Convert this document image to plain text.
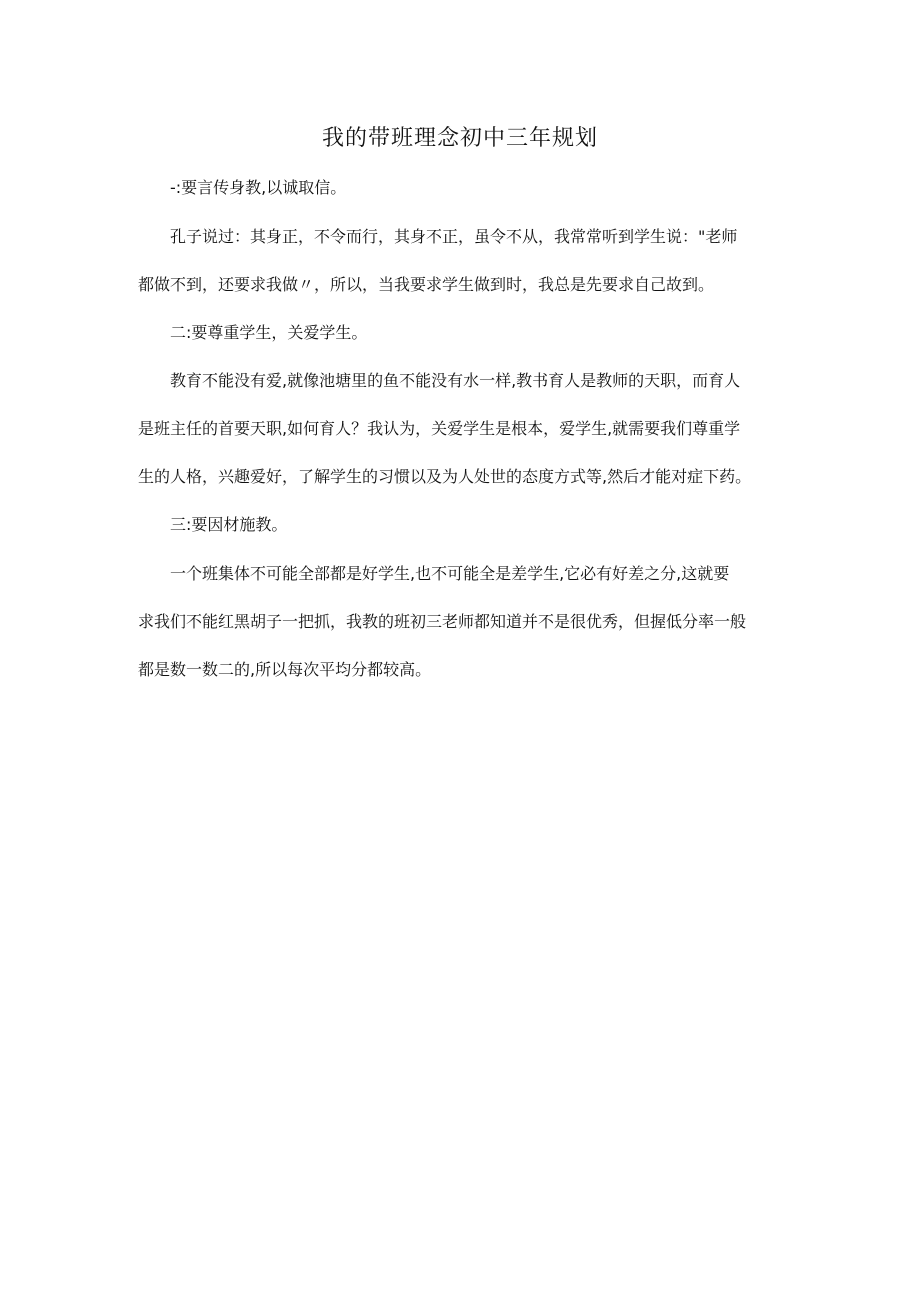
我的带班理念初中三年规划
-:要言传身教,以诚取信。
孔子说过：其身正，不令而行，其身不正，虽令不从，我常常听到学生说："老师
都做不到，还要求我做〃，所以，当我要求学生做到时，我总是先要求自己故到。
二:要尊重学生，关爱学生。
教育不能没有爱,就像池塘里的鱼不能没有水一样,教书育人是教师的天职，而育人
是班主任的首要天职,如何育人？我认为，关爱学生是根本，爱学生,就需要我们尊重学
生的人格，兴趣爱好，了解学生的习惯以及为人处世的态度方式等,然后才能对症下药。
三:要因材施教。
一个班集体不可能全部都是好学生,也不可能全是差学生,它必有好差之分,这就要
求我们不能红黑胡子一把抓，我教的班初三老师都知道并不是很优秀，但握低分率一般
都是数一数二的,所以每次平均分都较高。
